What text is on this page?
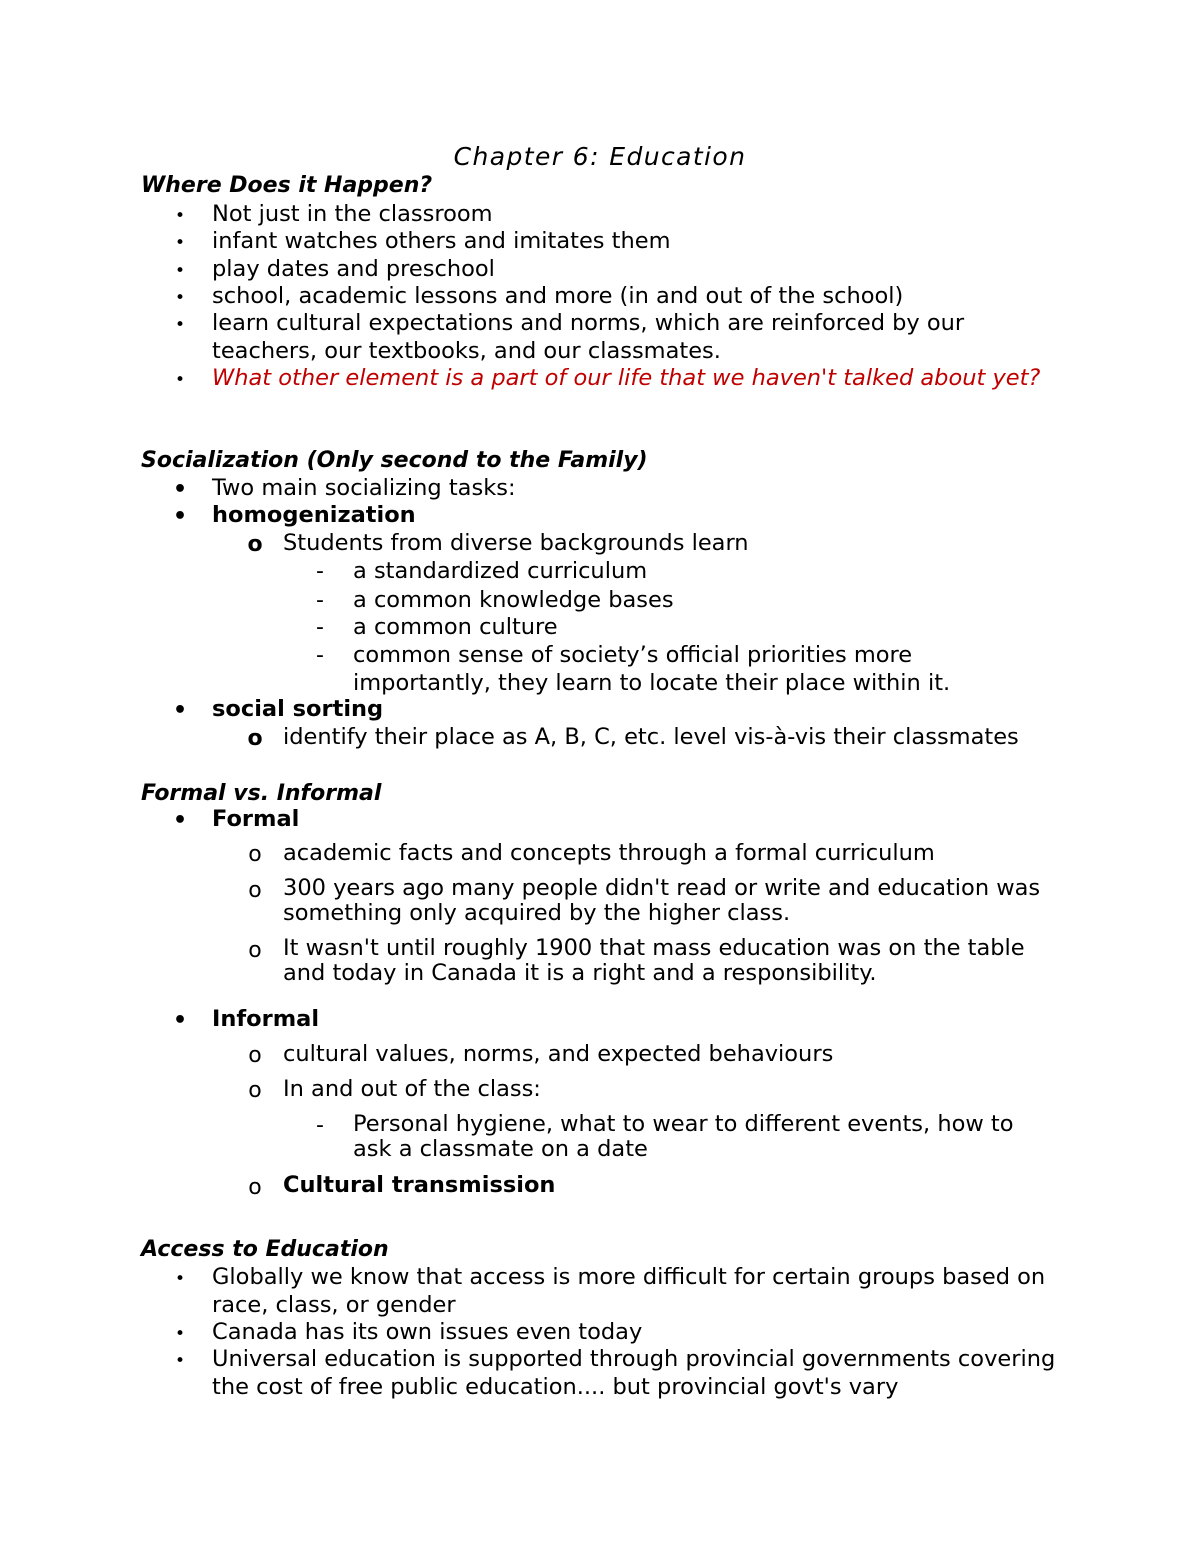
Chapter 6: Education
Where Does it Happen?
• Not just in the classroom
• infant watches others and imitates them
• play dates and preschool
• school, academic lessons and more (in and out of the school)
• learn cultural expectations and norms, which are reinforced by our teachers, our textbooks, and our classmates.
• What other element is a part of our life that we haven't talked about yet?
Socialization (Only second to the Family)
• Two main socializing tasks:
• homogenization
o Students from diverse backgrounds learn
- a standardized curriculum
- a common knowledge bases
- a common culture
- common sense of society’s official priorities more importantly, they learn to locate their place within it.
• social sorting
o identify their place as A, B, C, etc. level vis-à-vis their classmates
Formal vs. Informal
• Formal
o academic facts and concepts through a formal curriculum
o 300 years ago many people didn't read or write and education was something only acquired by the higher class.
o It wasn't until roughly 1900 that mass education was on the table and today in Canada it is a right and a responsibility.
• Informal
o cultural values, norms, and expected behaviours
o In and out of the class:
- Personal hygiene, what to wear to different events, how to ask a classmate on a date
o Cultural transmission
Access to Education
• Globally we know that access is more difficult for certain groups based on race, class, or gender
• Canada has its own issues even today
• Universal education is supported through provincial governments covering the cost of free public education.... but provincial govt's vary
